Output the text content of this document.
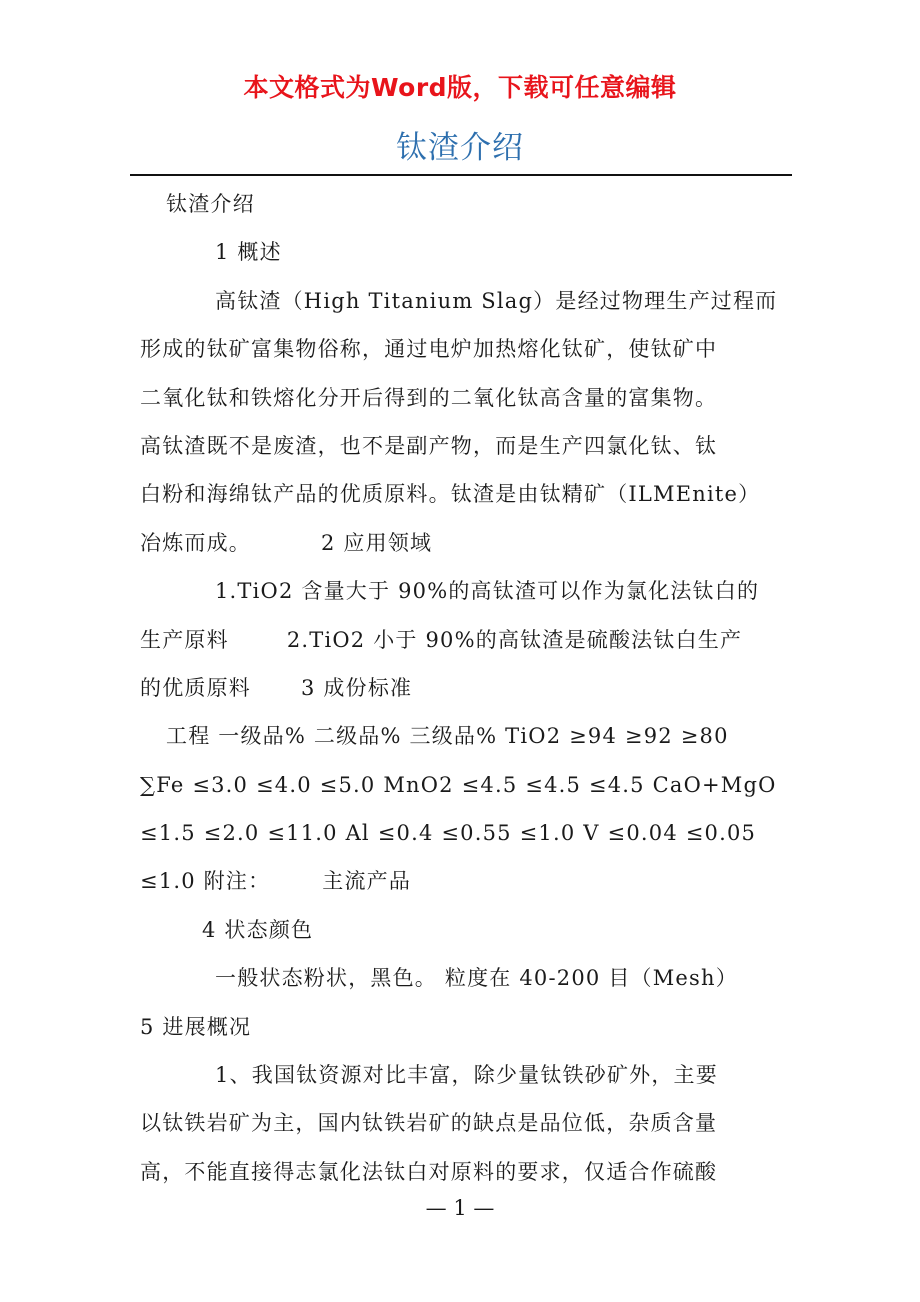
本文格式为Word版，下载可任意编辑
钛渣介绍
钛渣介绍
1 概述
高钛渣（High Titanium Slag）是经过物理生产过程而
形成的钛矿富集物俗称，通过电炉加热熔化钛矿，使钛矿中
二氧化钛和铁熔化分开后得到的二氧化钛高含量的富集物。
高钛渣既不是废渣，也不是副产物，而是生产四氯化钛、钛
白粉和海绵钛产品的优质原料。钛渣是由钛精矿（ILMEnite）
冶炼而成。	2 应用领域
1.TiO2 含量大于 90%的高钛渣可以作为氯化法钛白的
生产原料	2.TiO2 小于 90%的高钛渣是硫酸法钛白生产
的优质原料 3 成份标准
工程 一级品% 二级品% 三级品% TiO2 ≥94 ≥92 ≥80
∑Fe ≤3.0 ≤4.0 ≤5.0 MnO2 ≤4.5 ≤4.5 ≤4.5 CaO+MgO
≤1.5 ≤2.0 ≤11.0 Al ≤0.4 ≤0.55 ≤1.0 V ≤0.04 ≤0.05
≤1.0 附注： 主流产品
4 状态颜色
一般状态粉状，黑色。 粒度在 40-200 目（Mesh）
5 进展概况
1、我国钛资源对比丰富，除少量钛铁砂矿外，主要
以钛铁岩矿为主，国内钛铁岩矿的缺点是品位低，杂质含量
高，不能直接得志氯化法钛白对原料的要求，仅适合作硫酸
— 1 —
